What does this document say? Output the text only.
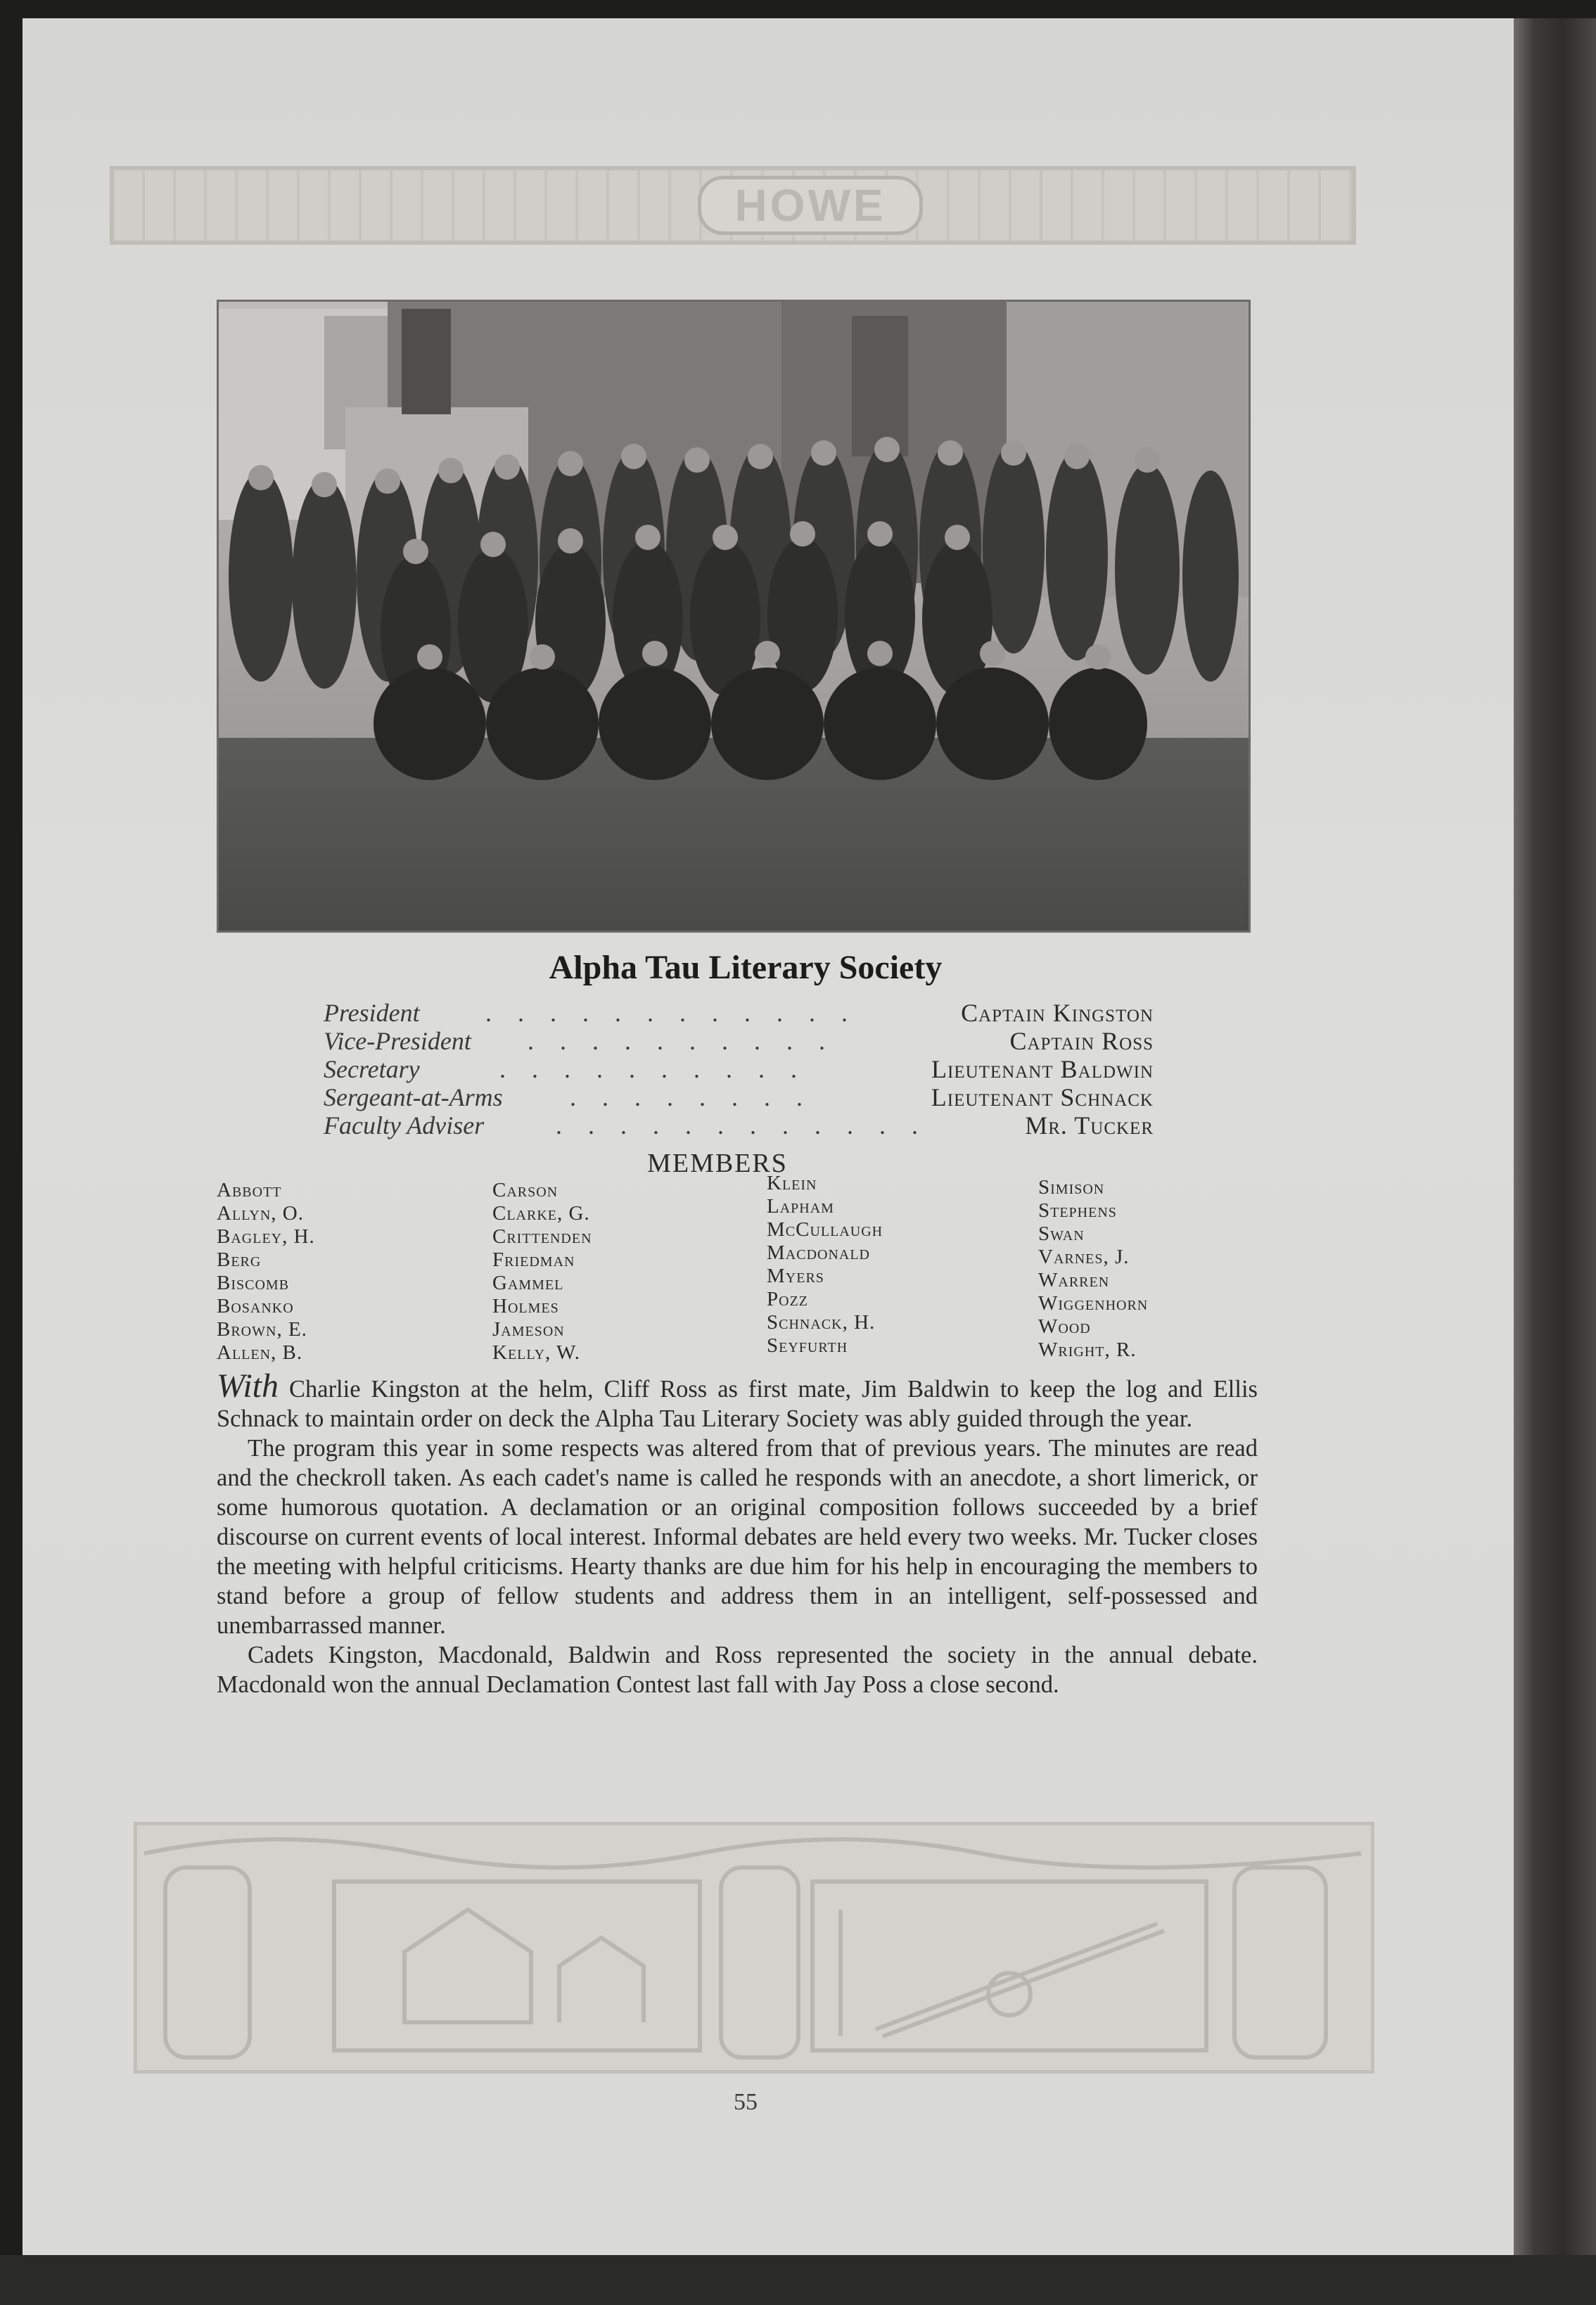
HOWE
Alpha Tau Literary Society
President	. . . . . . . . . . . .	Captain Kingston
Vice-President . . . . . . . . . .	Captain Ross
Secretary	. . . . . . . . . .	Lieutenant Baldwin
Sergeant-at-Arms	. . . . . . . .	Lieutenant Schnack
Faculty Adviser	. . . . . . . . . . . .	Mr. Tucker
MEMBERS
Abbott
Allyn, O.
Bagley, H.
Berg
Biscomb
Bosanko
Brown, E.
Allen, B.
Carson
Clarke, G.
Crittenden
Friedman
Gammel
Holmes
Jameson
Kelly, W.
Klein
Lapham
McCullaugh
Macdonald
Myers
Pozz
Schnack, H.
Seyfurth
Simison
Stephens
Swan
Varnes, J.
Warren
Wiggenhorn
Wood
Wright, R.

With Charlie Kingston at the helm, Cliff Ross as first mate, Jim Baldwin to keep the log and Ellis Schnack to maintain order on deck the Alpha Tau Literary Society was ably guided through the year.

The program this year in some respects was altered from that of previous years. The minutes are read and the checkroll taken. As each cadet's name is called he responds with an anecdote, a short limerick, or some humorous quotation. A declamation or an original composition follows succeeded by a brief discourse on current events of local interest. Informal debates are held every two weeks. Mr. Tucker closes the meeting with helpful criticisms. Hearty thanks are due him for his help in encouraging the members to stand before a group of fellow students and address them in an intelligent, self-possessed and unembarrassed manner.

Cadets Kingston, Macdonald, Baldwin and Ross represented the society in the annual debate. Macdonald won the annual Declamation Contest last fall with Jay Poss a close second.

55
